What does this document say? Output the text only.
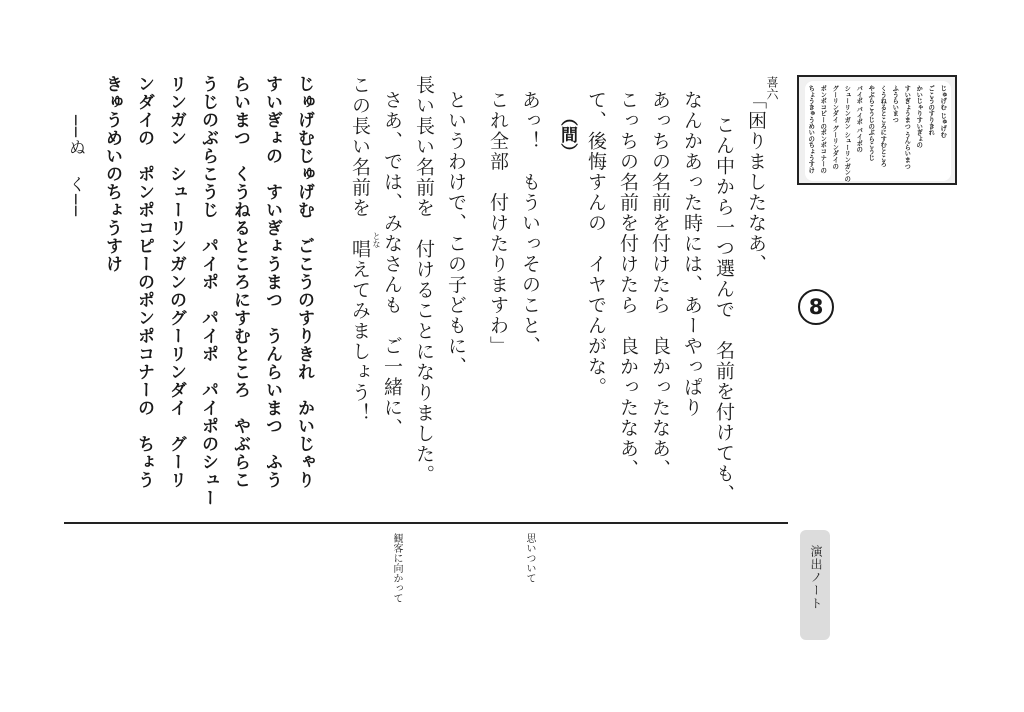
じゅげむ じゅげむ
ごこうのすりきれ
かいじゃりすいぎょの
すいぎょうまつ うんらいまつ
ふうらいまつ
くうねるところにすむところ
やぶらこうじのぶらこうじ
パイポ パイポ パイポの
シューリンガン シューリンガンの
グーリンダイ グーリンダイの
ポンポコピーのポンポコナーの
ちょうきゅうめいのちょうすけ
8
喜六
「困りましたなあ、
こん中から一つ選んで　名前を付けても、
なんかあった時には、あーやっぱり
あっちの名前を付けたら　良かったなあ、
こっちの名前を付けたら　良かったなあ、
て、後悔すんの　イヤでんがな。
（間）
あっ！　もういっそのこと、
これ全部　付けたりますわ」
というわけで、この子どもに、
長い長い名前を　付けることになりました。
さあ、では、みなさんも　ご一緒に、
この長い名前を　唱えてみましょう！ とな
じゅげむじゅげむ　ごこうのすりきれ　かいじゃり
すいぎょの　すいぎょうまつ　うんらいまつ　ふう
らいまつ　くうねるところにすむところ　やぶらこ
うじのぶらこうじ　パイポ　パイポ　パイポのシュー
リンガン　シューリンガンのグーリンダイ　グーリ
ンダイの　ポンポコピーのポンポコナーの　ちょう
きゅうめいのちょうすけ
──ぬ　く──
思いついて
観客に向かって	演出ノート
